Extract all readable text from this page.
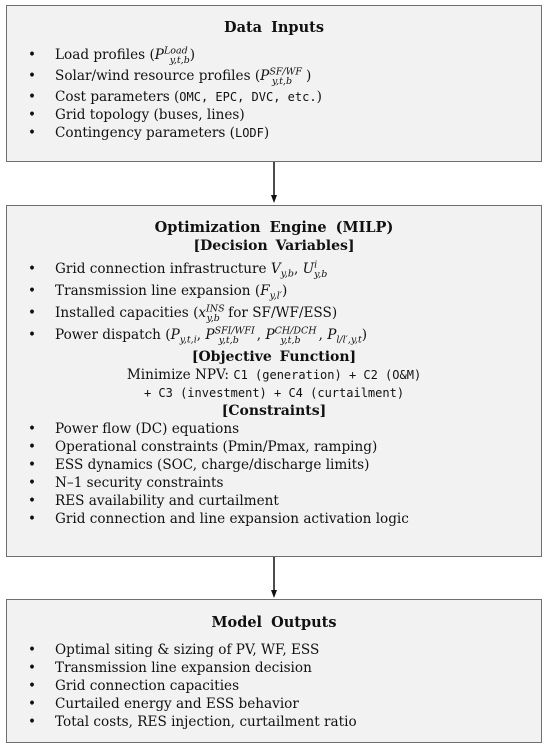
Data Inputs
• Load profiles $(P^{Load}_{y,t,b})$
• Solar/wind resource profiles ($P^{SF/WF}_{y,t,b}$ )
• Cost parameters (OMC, EPC, DVC, etc.)
• Grid topology (buses, lines)
• Contingency parameters (LODF)
Optimization Engine (MILP)
[Decision Variables]
• Grid connection infrastructure $V_{y,b}$, $U^i_{y,b}$
• Transmission line expansion $(F_{y,l'})$
• Installed capacities ($x^{INS}_{y,b}$ for SF/WF/ESS)
• Power dispatch ($P_{y,t,i}$, $P^{SFI/WFI}_{y,t,b}$ , $P^{CH/DCH}_{y,t,b}$ , $P_{l/l',y,t}$)
[Objective Function]
Minimize NPV: C1 (generation) + C2 (O&M)
+ C3 (investment) + C4 (curtailment)
[Constraints]
• Power flow (DC) equations
• Operational constraints (Pmin/Pmax, ramping)
• ESS dynamics (SOC, charge/discharge limits)
• N–1 security constraints
• RES availability and curtailment
• Grid connection and line expansion activation logic
Model Outputs
• Optimal siting & sizing of PV, WF, ESS
• Transmission line expansion decision
• Grid connection capacities
• Curtailed energy and ESS behavior
• Total costs, RES injection, curtailment ratio
